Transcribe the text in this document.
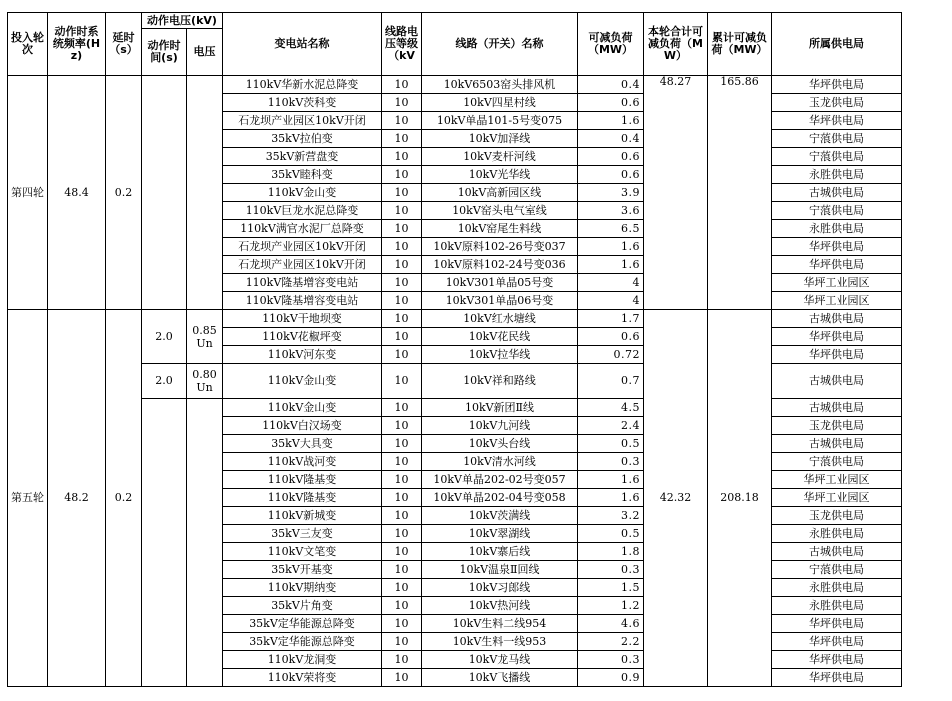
投入轮次	动作时系统频率(Hz)	延时（s）	动作电压(kV)		变电站名称	线路电压等级（kV	线路（开关）名称	可减负荷（MW）	本轮合计可减负荷（MW）	累计可减负荷（MW）	所属供电局
			动作时间(s)	电压							
第四轮	48.4	0.2			110kV华新水泥总降变	10	10kV6503窑头排风机	0.4	48.27	165.86	华坪供电局
					110kV茨科变	10	10kV四星村线	0.6			玉龙供电局
					石龙坝产业园区10kV开闭	10	10kV单晶101-5号变075	1.6			华坪供电局
					35kV拉伯变	10	10kV加泽线	0.4			宁蒗供电局
					35kV新营盘变	10	10kV麦杆河线	0.6			宁蒗供电局
					35kV睦科变	10	10kV光华线	0.6			永胜供电局
					110kV金山变	10	10kV高新园区线	3.9			古城供电局
					110kV巨龙水泥总降变	10	10kV窑头电气室线	3.6			宁蒗供电局
					110kV满官水泥厂总降变	10	10kV窑尾生料线	6.5			永胜供电局
					石龙坝产业园区10kV开闭	10	10kV原料102-26号变037	1.6			华坪供电局
					石龙坝产业园区10kV开闭	10	10kV原料102-24号变036	1.6			华坪供电局
					110kV隆基增容变电站	10	10kV301单晶05号变	4			华坪工业园区
					110kV隆基增容变电站	10	10kV301单晶06号变	4			华坪工业园区
第五轮	48.2	0.2	2.0	0.85Un	110kV干地坝变	10	10kV红水塘线	1.7	42.32	208.18	古城供电局
					110kV花椒坪变	10	10kV花民线	0.6			华坪供电局
					110kV河东变	10	10kV拉华线	0.72			华坪供电局
			2.0	0.80Un	110kV金山变	10	10kV祥和路线	0.7			古城供电局
					110kV金山变	10	10kV新团Ⅱ线	4.5			古城供电局
					110kV白汉场变	10	10kV九河线	2.4			玉龙供电局
					35kV大具变	10	10kV头台线	0.5			古城供电局
					110kV战河变	10	10kV清水河线	0.3			宁蒗供电局
					110kV隆基变	10	10kV单晶202-02号变057	1.6			华坪工业园区
					110kV隆基变	10	10kV单晶202-04号变058	1.6			华坪工业园区
					110kV新城变	10	10kV茨满线	3.2			玉龙供电局
					35kV三友变	10	10kV翠湖线	0.5			永胜供电局
					110kV文笔变	10	10kV寨后线	1.8			古城供电局
					35kV开基变	10	10kV温泉Ⅱ回线	0.3			宁蒗供电局
					110kV期纳变	10	10kV习郎线	1.5			永胜供电局
					35kV片角变	10	10kV热河线	1.2			永胜供电局
					35kV定华能源总降变	10	10kV生料二线954	4.6			华坪供电局
					35kV定华能源总降变	10	10kV生料一线953	2.2			华坪供电局
					110kV龙洞变	10	10kV龙马线	0.3			华坪供电局
					110kV荣将变	10	10kV飞播线	0.9			华坪供电局
